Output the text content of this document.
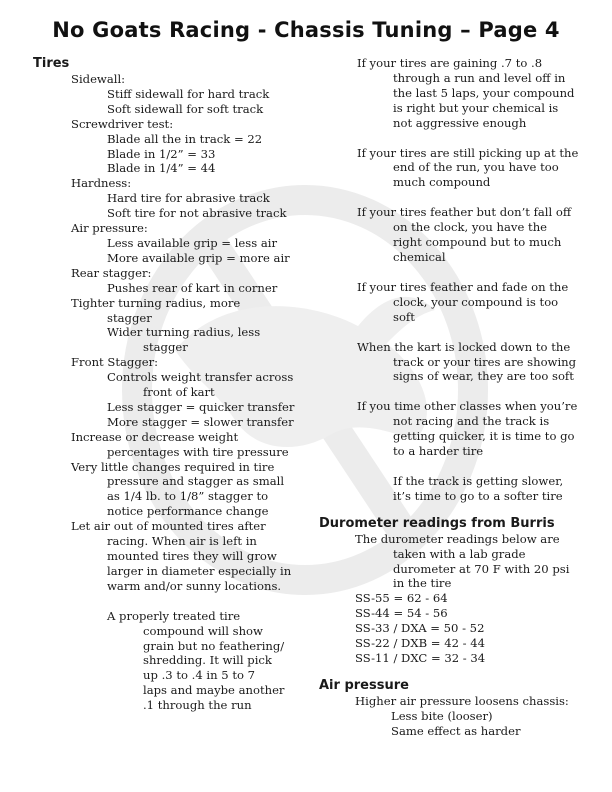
No Goats Racing - Chassis Tuning – Page 4
Tires
Sidewall:
Stiff sidewall for hard track
Soft sidewall for soft track
Screwdriver test:
Blade all the in track = 22
Blade in 1/2” = 33
Blade in 1/4” = 44
Hardness:
Hard tire for abrasive track
Soft tire for not abrasive track
Air pressure:
Less available grip = less air
More available grip = more air
Rear stagger:
Pushes rear of kart in corner
Tighter turning radius, more
stagger
Wider turning radius, less
stagger
Front Stagger:
Controls weight transfer across
front of kart
Less stagger = quicker transfer
More stagger = slower transfer
Increase or decrease weight
percentages with tire pressure
Very little changes required in tire
pressure and stagger as small
as 1/4 lb. to 1/8” stagger to
notice performance change
Let air out of mounted tires after
racing. When air is left in
mounted tires they will grow
larger in diameter especially in
warm and/or sunny locations.
A properly treated tire
compound will show
grain but no feathering/
shredding. It will pick
up .3 to .4 in 5 to 7
laps and maybe another
.1 through the run
If your tires are gaining .7 to .8
through a run and level off in
the last 5 laps, your compound
is right but your chemical is
not aggressive enough
If your tires are still picking up at the
end of the run, you have too
much compound
If your tires feather but don’t fall off
on the clock, you have the
right compound but to much
chemical
If your tires feather and fade on the
clock, your compound is too
soft
When the kart is locked down to the
track or your tires are showing
signs of wear, they are too soft
If you time other classes when you’re
not racing and the track is
getting quicker, it is time to go
to a harder tire
If the track is getting slower,
it’s time to go to a softer tire
Durometer readings from Burris
The durometer readings below are
taken with a lab grade
durometer at 70 F with 20 psi
in the tire
SS-55 = 62 - 64
SS-44 = 54 - 56
SS-33 / DXA = 50 - 52
SS-22 / DXB = 42 - 44
SS-11 / DXC = 32 - 34
Air pressure
Higher air pressure loosens chassis:
Less bite (looser)
Same effect as harder
